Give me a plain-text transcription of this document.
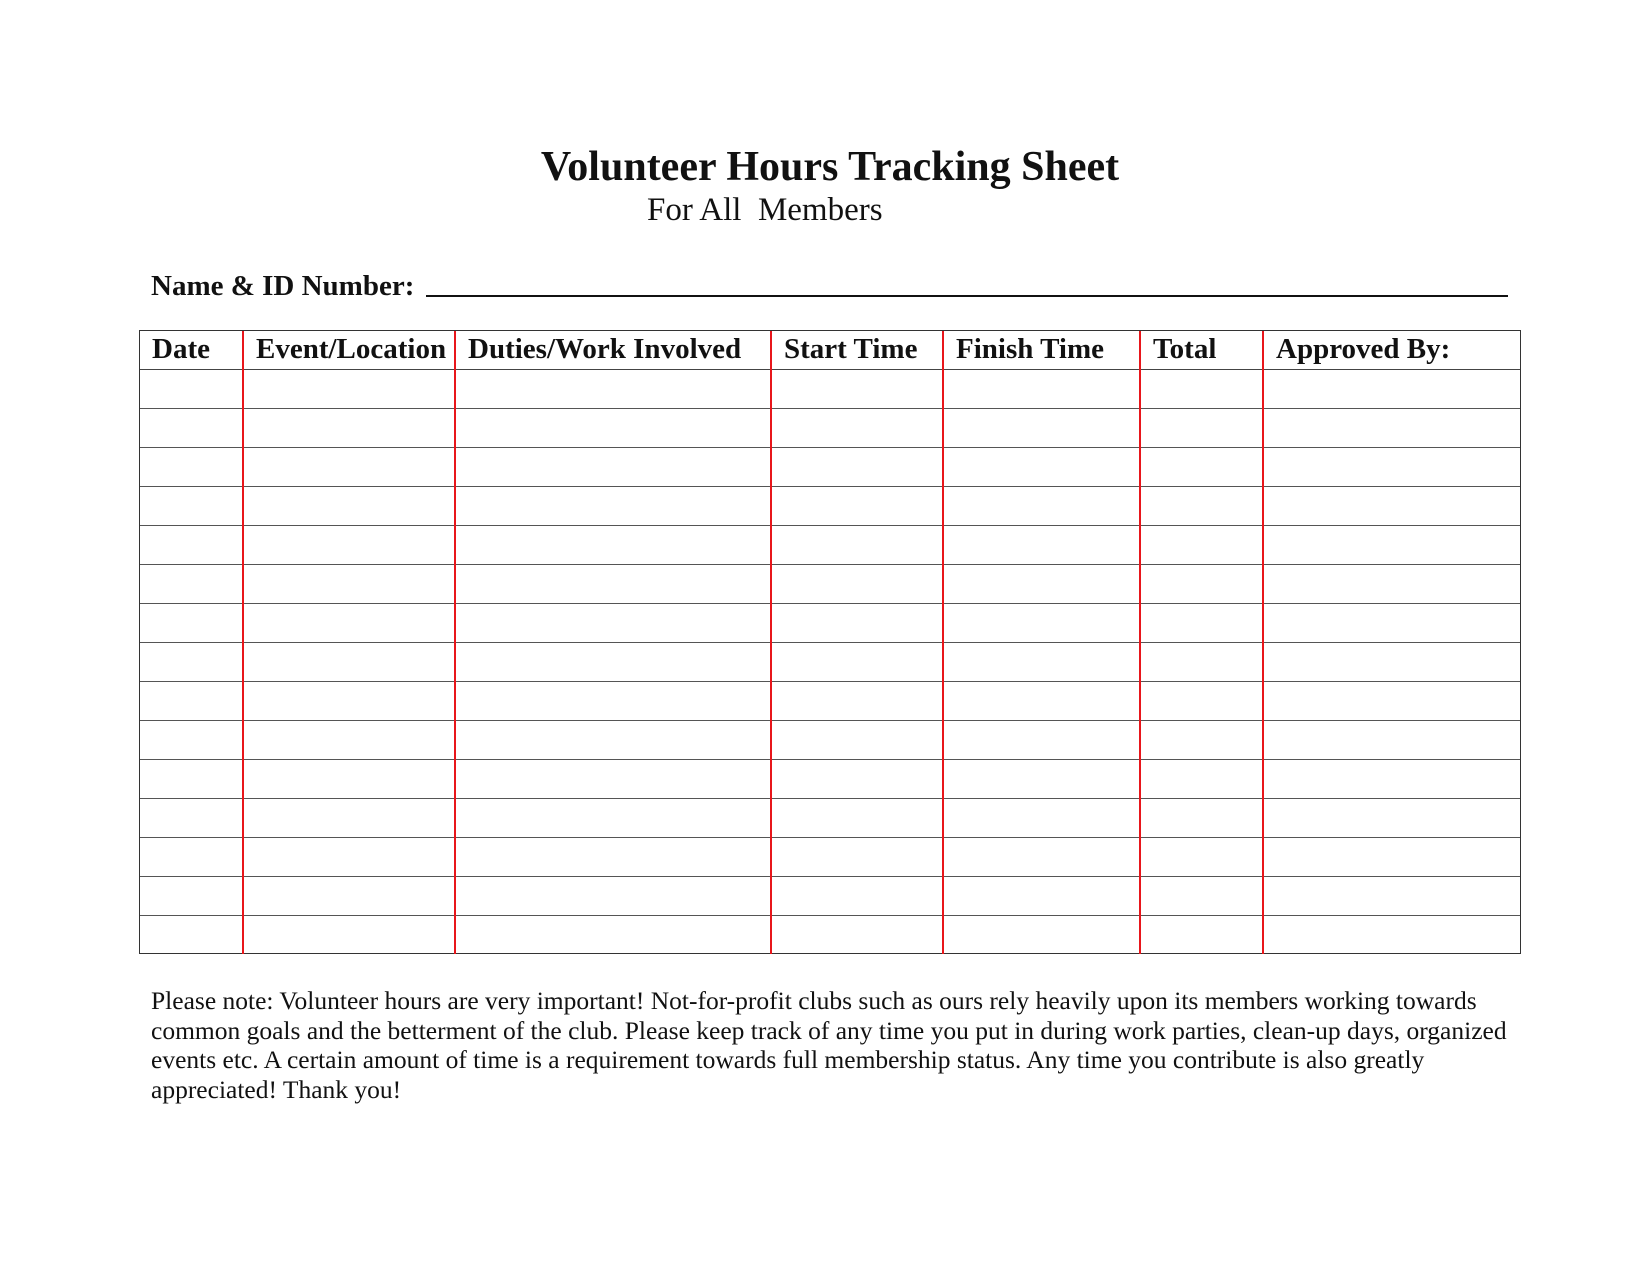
Volunteer Hours Tracking Sheet
For All  Members
Name & ID Number:
Date	Event/Location	Duties/Work Involved	Start Time	Finish Time	Total	Approved By:

Please note: Volunteer hours are very important! Not-for-profit clubs such as ours rely heavily upon its members working towards common goals and the betterment of the club. Please keep track of any time you put in during work parties, clean-up days, organized events etc. A certain amount of time is a requirement towards full membership status. Any time you contribute is also greatly appreciated! Thank you!
